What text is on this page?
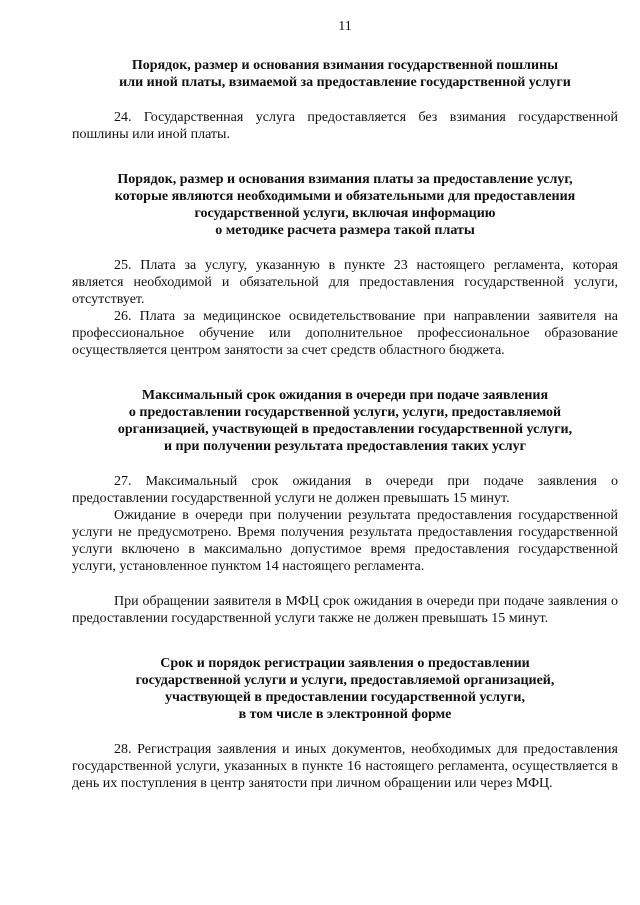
11
Порядок, размер и основания взимания государственной пошлины
или иной платы, взимаемой за предоставление государственной услуги

24. Государственная услуга предоставляется без взимания государственной пошлины или иной платы.

Порядок, размер и основания взимания платы за предоставление услуг,
которые являются необходимыми и обязательными для предоставления
государственной услуги, включая информацию
о методике расчета размера такой платы

25. Плата за услугу, указанную в пункте 23 настоящего регламента, которая является необходимой и обязательной для предоставления государственной услуги, отсутствует.

26. Плата за медицинское освидетельствование при направлении заявителя на профессиональное обучение или дополнительное профессиональное образование осуществляется центром занятости за счет средств областного бюджета.

Максимальный срок ожидания в очереди при подаче заявления
о предоставлении государственной услуги, услуги, предоставляемой
организацией, участвующей в предоставлении государственной услуги,
и при получении результата предоставления таких услуг

27. Максимальный срок ожидания в очереди при подаче заявления о предоставлении государственной услуги не должен превышать 15 минут.

Ожидание в очереди при получении результата предоставления государственной услуги не предусмотрено. Время получения результата предоставления государственной услуги включено в максимально допустимое время предоставления государственной услуги, установленное пунктом 14 настоящего регламента.

При обращении заявителя в МФЦ срок ожидания в очереди при подаче заявления о предоставлении государственной услуги также не должен превышать 15 минут.

Срок и порядок регистрации заявления о предоставлении
государственной услуги и услуги, предоставляемой организацией,
участвующей в предоставлении государственной услуги,
в том числе в электронной форме

28. Регистрация заявления и иных документов, необходимых для предоставления государственной услуги, указанных в пункте 16 настоящего регламента, осуществляется в день их поступления в центр занятости при личном обращении или через МФЦ.
